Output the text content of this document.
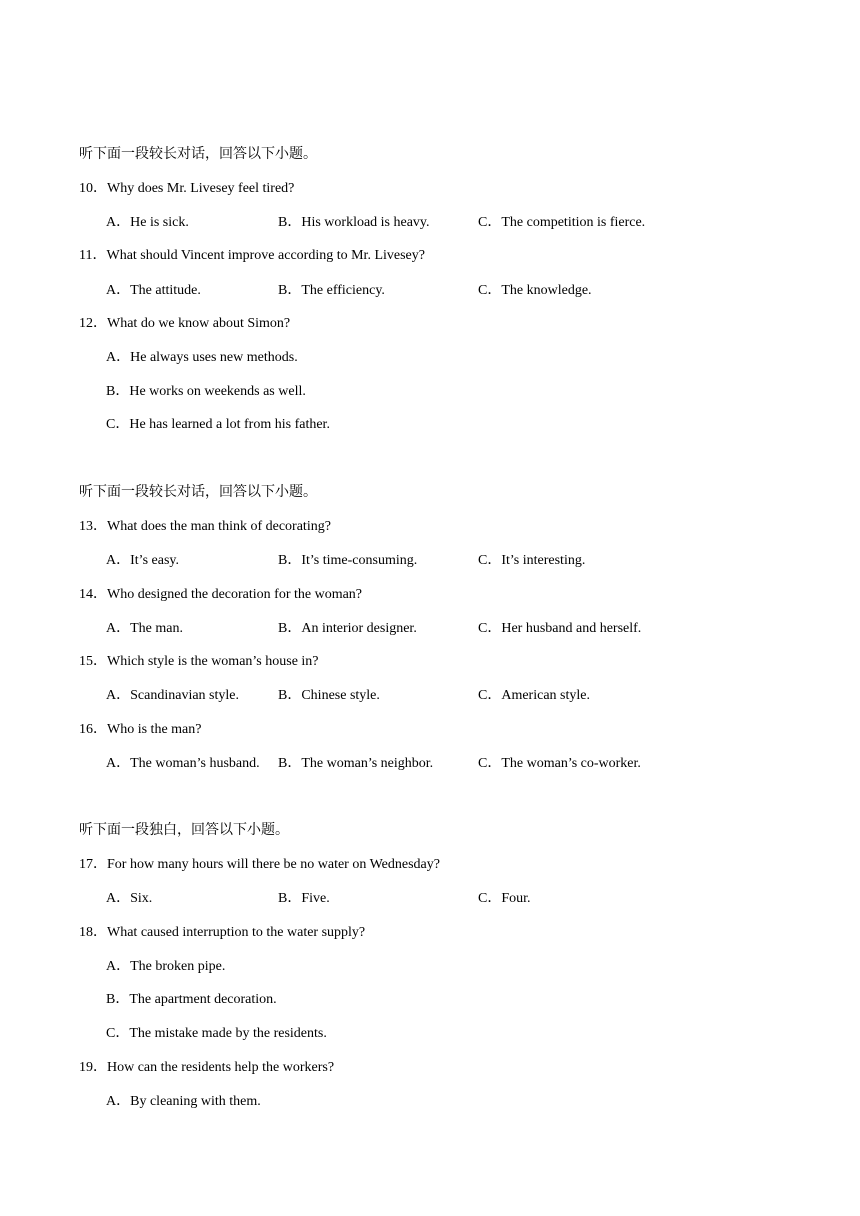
听下面一段较长对话，回答以下小题。
10．Why does Mr. Livesey feel tired?
A．He is sick.	B．His workload is heavy.	C．The competition is fierce.
11．What should Vincent improve according to Mr. Livesey?
A．The attitude.	B．The efficiency.	C．The knowledge.
12．What do we know about Simon?
A．He always uses new methods.
B．He works on weekends as well.
C．He has learned a lot from his father.
听下面一段较长对话，回答以下小题。
13．What does the man think of decorating?
A．It’s easy.	B．It’s time-consuming.	C．It’s interesting.
14．Who designed the decoration for the woman?
A．The man.	B．An interior designer.	C．Her husband and herself.
15．Which style is the woman’s house in?
A．Scandinavian style.	B．Chinese style.	C．American style.
16．Who is the man?
A．The woman’s husband. B．The woman’s neighbor.	C．The woman’s co-worker.
听下面一段独白，回答以下小题。
17．For how many hours will there be no water on Wednesday?
A．Six.	B．Five.	C．Four.
18．What caused interruption to the water supply?
A．The broken pipe.
B．The apartment decoration.
C．The mistake made by the residents.
19．How can the residents help the workers?
A．By cleaning with them.
